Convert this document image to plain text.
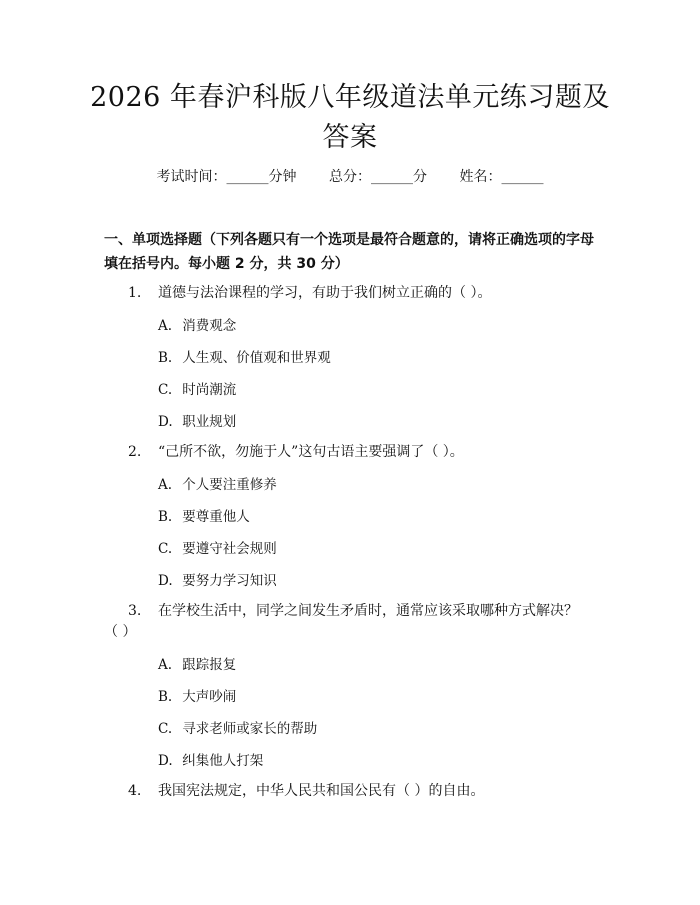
2026 年春沪科版八年级道法单元练习题及答案
考试时间：______分钟 总分：______分 姓名：______
一、单项选择题（下列各题只有一个选项是最符合题意的，请将正确选项的字母填在括号内。每小题 2 分，共 30 分）
1. 道德与法治课程的学习，有助于我们树立正确的（ ）。
A. 消费观念
B. 人生观、价值观和世界观
C. 时尚潮流
D. 职业规划
2. “己所不欲，勿施于人”这句古语主要强调了（ ）。
A. 个人要注重修养
B. 要尊重他人
C. 要遵守社会规则
D. 要努力学习知识
3. 在学校生活中，同学之间发生矛盾时，通常应该采取哪种方式解决？
（ ）
A. 跟踪报复
B. 大声吵闹
C. 寻求老师或家长的帮助
D. 纠集他人打架
4. 我国宪法规定，中华人民共和国公民有（ ）的自由。
